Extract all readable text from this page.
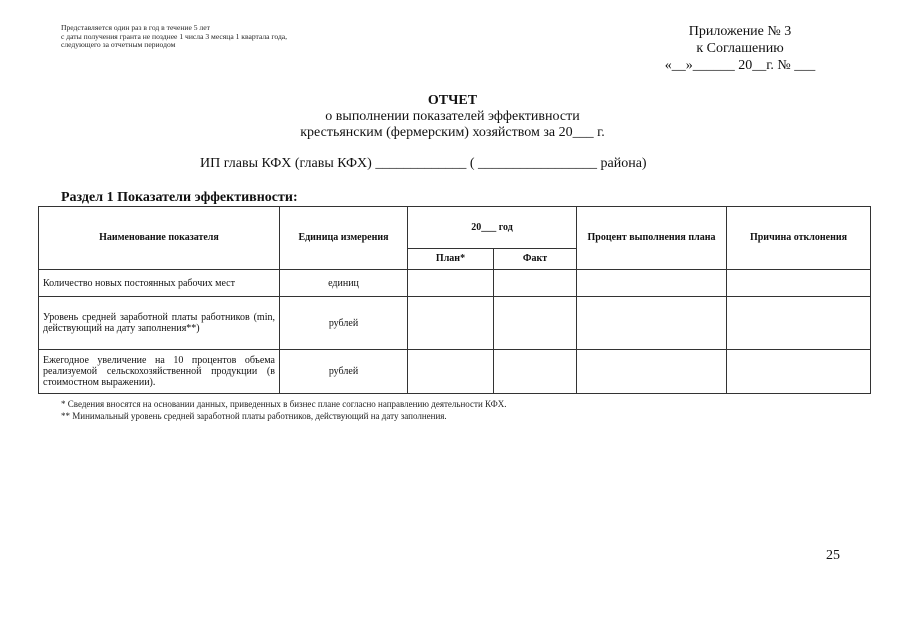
Представляется один раз в год в течение 5 лет
с даты получения гранта не позднее 1 числа 3 месяца 1 квартала года,
следующего за отчетным периодом
Приложение № 3
к Соглашению
«__»______ 20__г. № ___
ОТЧЕТ
о выполнении показателей эффективности
крестьянским (фермерским) хозяйством за 20___ г.
ИП главы КФХ (главы КФХ) _____________ ( _________________ района)
Раздел 1 Показатели эффективности:
Наименование показателя	Единица измерения	20___ год		Процент выполнения плана	Причина отклонения
		План*	Факт		
Количество новых постоянных рабочих мест	единиц				
Уровень средней заработной платы работников (min, действующий на дату заполнения**)	рублей				
Ежегодное увеличение на 10 процентов объема реализуемой сельскохозяйственной продукции (в стоимостном выражении).	рублей				
* Сведения вносятся на основании данных, приведенных в бизнес плане согласно направлению деятельности КФХ.
** Минимальный уровень средней заработной платы работников, действующий на дату заполнения.
25
